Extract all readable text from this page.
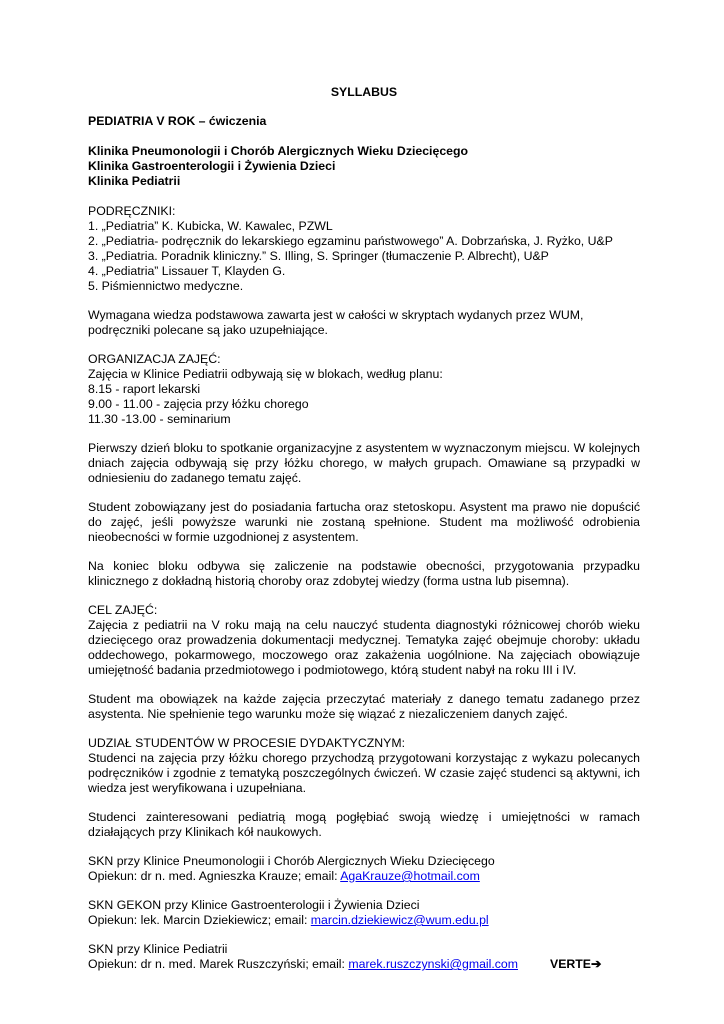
SYLLABUS

PEDIATRIA V ROK – ćwiczenia

Klinika Pneumonologii i Chorób Alergicznych Wieku Dziecięcego
Klinika Gastroenterologii i Żywienia Dzieci
Klinika Pediatrii
PODRĘCZNIKI:
1. „Pediatria” K. Kubicka, W. Kawalec, PZWL
2. „Pediatria- podręcznik do lekarskiego egzaminu państwowego” A. Dobrzańska, J. Ryżko, U&P
3. „Pediatria. Poradnik kliniczny.” S. Illing, S. Springer (tłumaczenie P. Albrecht), U&P
4. „Pediatria” Lissauer T, Klayden G.
5. Piśmiennictwo medyczne.

Wymagana wiedza podstawowa zawarta jest w całości w skryptach wydanych przez WUM, podręczniki polecane są jako uzupełniające.

ORGANIZACJA ZAJĘĆ:
Zajęcia w Klinice Pediatrii odbywają się w blokach, według planu:
8.15 - raport lekarski
9.00 - 11.00 - zajęcia przy łóżku chorego
11.30 -13.00 - seminarium

Pierwszy dzień bloku to spotkanie organizacyjne z asystentem w wyznaczonym miejscu. W kolejnych dniach zajęcia odbywają się przy łóżku chorego, w małych grupach. Omawiane są przypadki w odniesieniu do zadanego tematu zajęć.

Student zobowiązany jest do posiadania fartucha oraz stetoskopu. Asystent ma prawo nie dopuścić do zajęć, jeśli powyższe warunki nie zostaną spełnione. Student ma możliwość odrobienia nieobecności w formie uzgodnionej z asystentem.

Na koniec bloku odbywa się zaliczenie na podstawie obecności, przygotowania przypadku klinicznego z dokładną historią choroby oraz zdobytej wiedzy (forma ustna lub pisemna).

CEL ZAJĘĆ:

Zajęcia z pediatrii na V roku mają na celu nauczyć studenta diagnostyki różnicowej chorób wieku dziecięcego oraz prowadzenia dokumentacji medycznej. Tematyka zajęć obejmuje choroby: układu oddechowego, pokarmowego, moczowego oraz zakażenia uogólnione. Na zajęciach obowiązuje umiejętność badania przedmiotowego i podmiotowego, którą student nabył na roku III i IV.

Student ma obowiązek na każde zajęcia przeczytać materiały z danego tematu zadanego przez asystenta. Nie spełnienie tego warunku może się wiązać z niezaliczeniem danych zajęć.

UDZIAŁ STUDENTÓW W PROCESIE DYDAKTYCZNYM:

Studenci na zajęcia przy łóżku chorego przychodzą przygotowani korzystając z wykazu polecanych podręczników i zgodnie z tematyką poszczególnych ćwiczeń. W czasie zajęć studenci są aktywni, ich wiedza jest weryfikowana i uzupełniana.

Studenci zainteresowani pediatrią mogą pogłębiać swoją wiedzę i umiejętności w ramach działających przy Klinikach kół naukowych.

SKN przy Klinice Pneumonologii i Chorób Alergicznych Wieku Dziecięcego
Opiekun: dr n. med. Agnieszka Krauze; email: AgaKrauze@hotmail.com
SKN GEKON przy Klinice Gastroenterologii i Żywienia Dzieci
Opiekun: lek. Marcin Dziekiewicz; email: marcin.dziekiewicz@wum.edu.pl
SKN przy Klinice Pediatrii
Opiekun: dr n. med. Marek Ruszczyński; email: marek.ruszczynski@gmail.com	VERTE➔
